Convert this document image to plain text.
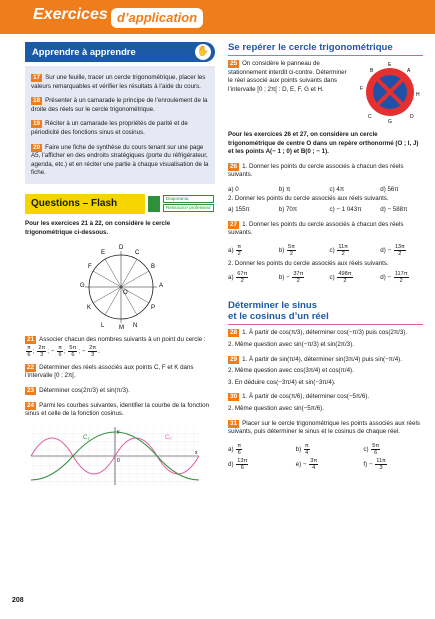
Exercices d’application
Apprendre à apprendre	✋

17 Sur une feuille, tracer un cercle trigonométrique, placer les valeurs remarquables et vérifier les résultats à l’aide du cours.

18 Présenter à un camarade le principe de l’enroulement de la droite des réels sur le cercle trigonométrique.

19 Réciter à un camarade les propriétés de parité et de périodicité des fonctions sinus et cosinus.

20 Faire une fiche de synthèse du cours tenant sur une page A5, l’afficher en des endroits stratégiques (porte du réfrigérateur, agenda, etc.) et en réciter une partie à chaque visualisation de la fiche.

Questions – Flash	Diaporama
Ressource professeur

Pour les exercices 21 à 22, on considère le cercle trigonométrique ci-dessous.

D
C
E
F	B
A
G
K	P
L	N
M
O

21 Associer chacun des nombres suivants à un point du cercle :
$\frac{\pi}{6}$ ; $\frac{2\pi}{3}$ ; − $\frac{\pi}{6}$ ; $\frac{5\pi}{6}$ ; − $\frac{2\pi}{3}$ .

22 Déterminer des réels associés aux points C, F et K dans l’intervalle [0 ; 2π[.

23 Déterminer cos(2π/3) et sin(π/3).

24 Parmi les courbes suivantes, identifier la courbe de la fonction sinus et celle de la fonction cosinus.

C₁	C₂
y
x
0
Se repérer le cercle trigonométrique

25 On considère le panneau de stationnement interdit ci-contre. Déterminer le réel associé aux points suivants dans l’intervalle [0 ; 2π[ : D, E, F, G et H.

E
B	A
F
H
C	D
G

Pour les exercices 26 et 27, on considère un cercle trigonométrique de centre O dans un repère orthonormé (O ; I, J) et les points A(− 1 ; 0) et B(0 ; − 1).

26 1. Donner les points du cercle associés à chacun des réels suivants.

a) 0	b) π	c) 4π	d) 56π

2. Donner les points du cercle associés aux réels suivants.

a) 155π	b) 70π	c) − 1 043π	d) − 588π

27 1. Donner les points du cercle associés à chacun des réels suivants.

$a) \frac{\pi}{2}$	$b) \frac{5\pi}{2}$	$c) \frac{11\pi}{2}$	$d) - \frac{13\pi}{2}$

2. Donner les points du cercle associés aux réels suivants.

$a) \frac{67\pi}{2}$	$b) - \frac{37\pi}{2}$	$c) \frac{498\pi}{2}$	$d) - \frac{117\pi}{2}$
Déterminer le sinus
et le cosinus d’un réel

28 1. À partir de cos(π/3), déterminer cos(−π/3) puis cos(2π/3).

2. Même question avec sin(−π/3) et sin(2π/3).

29 1. À partir de sin(π/4), déterminer sin(3π/4) puis sin(−π/4).

2. Même question avec cos(3π/4) et cos(π/4).

3. En déduire cos(−3π/4) et sin(−3π/4).

30 1. À partir de cos(π/6), déterminer cos(−5π/6).

2. Même question avec sin(−5π/6).

31 Placer sur le cercle trigonométrique les points associés aux réels suivants, puis déterminer le sinus et le cosinus de chaque réel.

$a) \frac{\pi}{6}$	$b) \frac{\pi}{4}$	$c) \frac{5\pi}{6}$
$d) \frac{13\pi}{6}$	$e) - \frac{3\pi}{4}$	$f) - \frac{11\pi}{3}$
208
